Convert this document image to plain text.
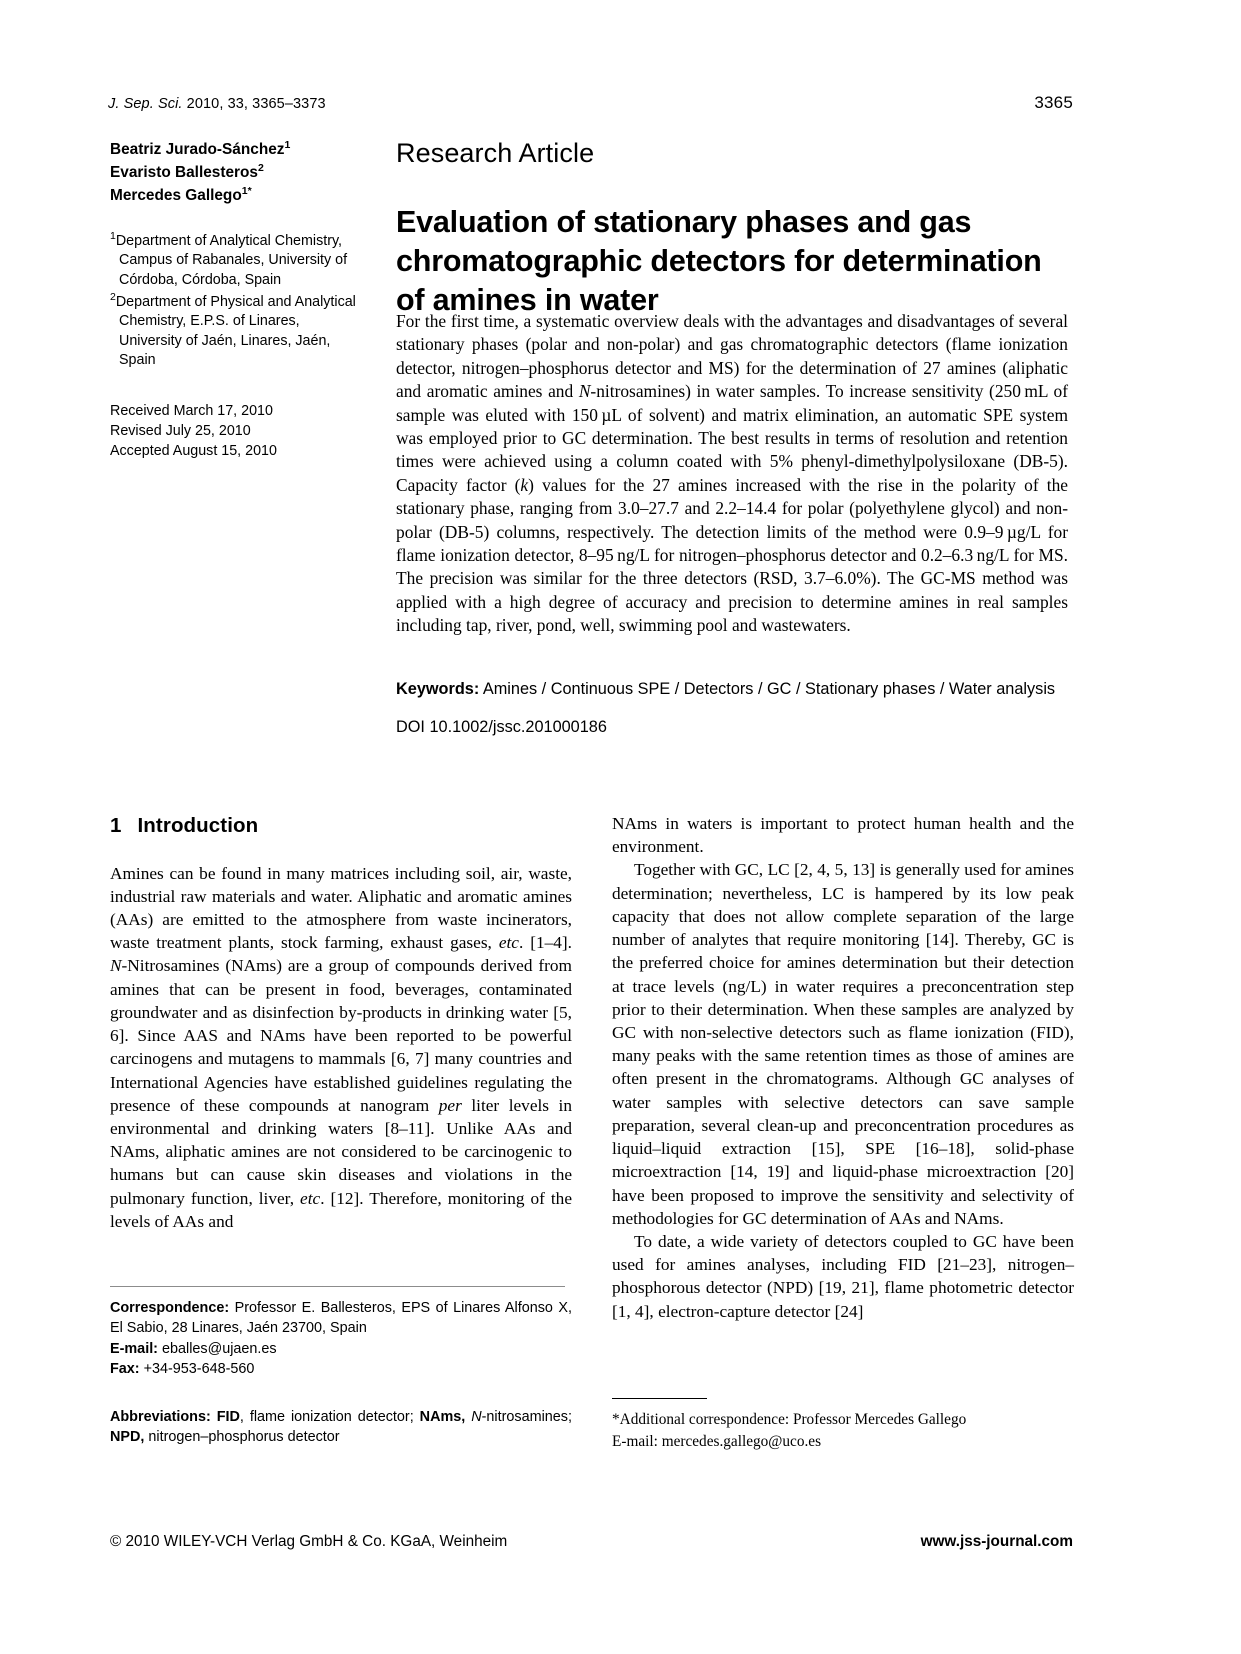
J. Sep. Sci. 2010, 33, 3365–3373	3365
Beatriz Jurado-Sánchez$^1$
Evaristo Ballesteros$^2$
Mercedes Gallego$^{1*}$
$^1$Department of Analytical Chemistry, Campus of Rabanales, University of Córdoba, Córdoba, Spain
$^2$Department of Physical and Analytical Chemistry, E.P.S. of Linares, University of Jaén, Linares, Jaén, Spain
Received March 17, 2010
Revised July 25, 2010
Accepted August 15, 2010
Research Article
Evaluation of stationary phases and gas chromatographic detectors for determination of amines in water
For the first time, a systematic overview deals with the advantages and disadvantages of several stationary phases (polar and non-polar) and gas chromatographic detectors (flame ionization detector, nitrogen–phosphorus detector and MS) for the determination of 27 amines (aliphatic and aromatic amines and N-nitrosamines) in water samples. To increase sensitivity (250 mL of sample was eluted with 150 µL of solvent) and matrix elimination, an automatic SPE system was employed prior to GC determination. The best results in terms of resolution and retention times were achieved using a column coated with 5% phenyl-dimethylpolysiloxane (DB-5). Capacity factor (k) values for the 27 amines increased with the rise in the polarity of the stationary phase, ranging from 3.0–27.7 and 2.2–14.4 for polar (polyethylene glycol) and non-polar (DB-5) columns, respectively. The detection limits of the method were 0.9–9 µg/L for flame ionization detector, 8–95 ng/L for nitrogen–phosphorus detector and 0.2–6.3 ng/L for MS. The precision was similar for the three detectors (RSD, 3.7–6.0%). The GC-MS method was applied with a high degree of accuracy and precision to determine amines in real samples including tap, river, pond, well, swimming pool and wastewaters.
Keywords: Amines / Continuous SPE / Detectors / GC / Stationary phases / Water analysis
DOI 10.1002/jssc.201000186
1 Introduction

Amines can be found in many matrices including soil, air, waste, industrial raw materials and water. Aliphatic and aromatic amines (AAs) are emitted to the atmosphere from waste incinerators, waste treatment plants, stock farming, exhaust gases, etc. [1–4]. N-Nitrosamines (NAms) are a group of compounds derived from amines that can be present in food, beverages, contaminated groundwater and as disinfection by-products in drinking water [5, 6]. Since AAS and NAms have been reported to be powerful carcinogens and mutagens to mammals [6, 7] many countries and International Agencies have established guidelines regulating the presence of these compounds at nanogram per liter levels in environmental and drinking waters [8–11]. Unlike AAs and NAms, aliphatic amines are not considered to be carcinogenic to humans but can cause skin diseases and violations in the pulmonary function, liver, etc. [12]. Therefore, monitoring of the levels of AAs and

NAms in waters is important to protect human health and the environment.

Together with GC, LC [2, 4, 5, 13] is generally used for amines determination; nevertheless, LC is hampered by its low peak capacity that does not allow complete separation of the large number of analytes that require monitoring [14]. Thereby, GC is the preferred choice for amines determination but their detection at trace levels (ng/L) in water requires a preconcentration step prior to their determination. When these samples are analyzed by GC with non-selective detectors such as flame ionization (FID), many peaks with the same retention times as those of amines are often present in the chromatograms. Although GC analyses of water samples with selective detectors can save sample preparation, several clean-up and preconcentration procedures as liquid–liquid extraction [15], SPE [16–18], solid-phase microextraction [14, 19] and liquid-phase microextraction [20] have been proposed to improve the sensitivity and selectivity of methodologies for GC determination of AAs and NAms.

To date, a wide variety of detectors coupled to GC have been used for amines analyses, including FID [21–23], nitrogen–phosphorous detector (NPD) [19, 21], flame photometric detector [1, 4], electron-capture detector [24]

Correspondence: Professor E. Ballesteros, EPS of Linares Alfonso X, El Sabio, 28 Linares, Jaén 23700, Spain
E-mail: eballes@ujaen.es
Fax: +34-953-648-560
Abbreviations: FID, flame ionization detector; NAms, N-nitrosamines; NPD, nitrogen–phosphorus detector
*Additional correspondence: Professor Mercedes Gallego
E-mail: mercedes.gallego@uco.es
© 2010 WILEY-VCH Verlag GmbH & Co. KGaA, Weinheim	www.jss-journal.com
